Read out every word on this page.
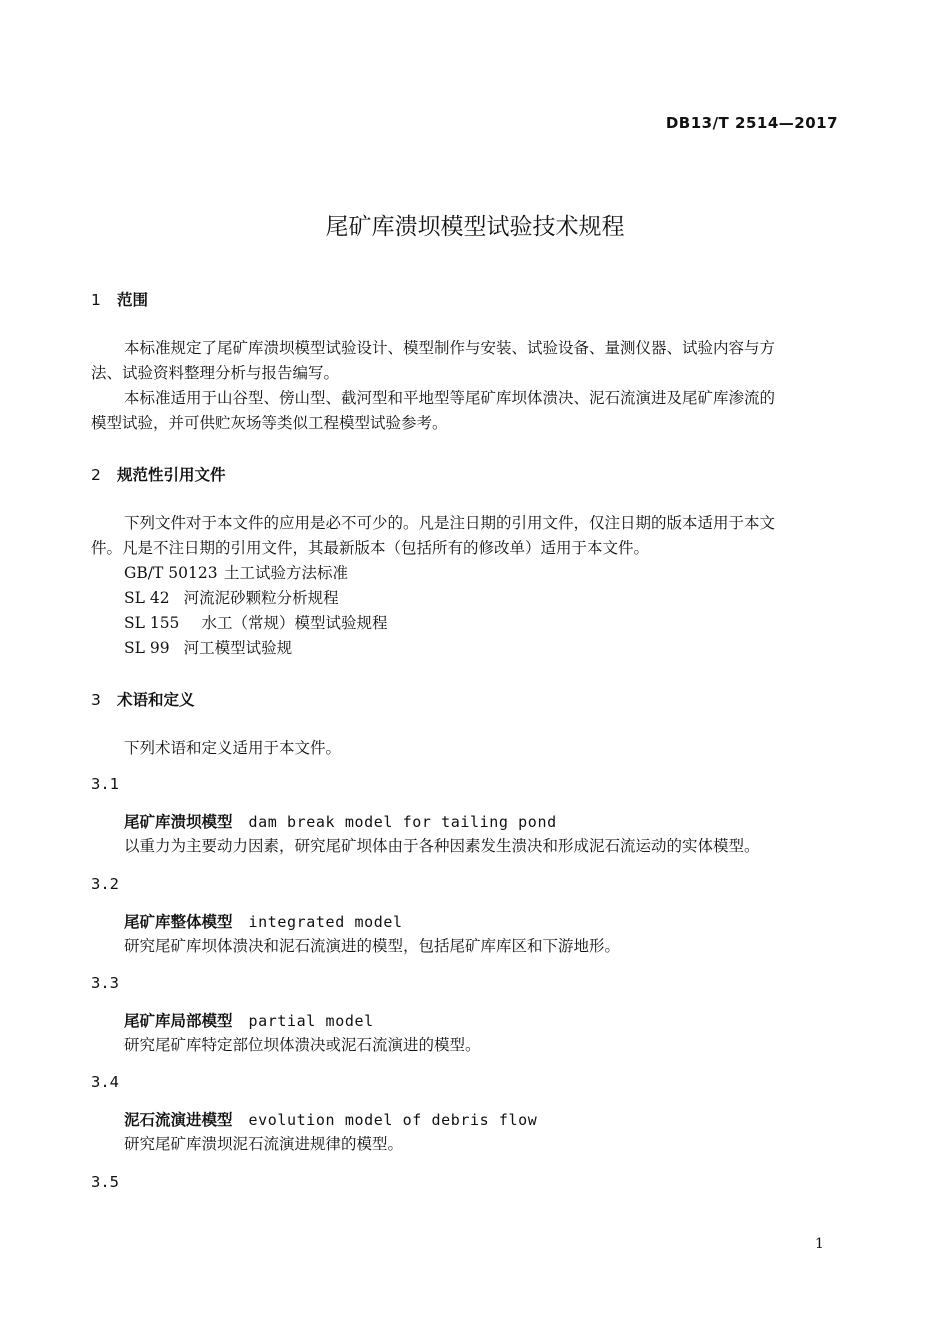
DB13/T 2514—2017
尾矿库溃坝模型试验技术规程
1 范围
本标准规定了尾矿库溃坝模型试验设计、模型制作与安装、试验设备、量测仪器、试验内容与方
法、试验资料整理分析与报告编写。
本标准适用于山谷型、傍山型、截河型和平地型等尾矿库坝体溃决、泥石流演进及尾矿库渗流的
模型试验，并可供贮灰场等类似工程模型试验参考。
2 规范性引用文件
下列文件对于本文件的应用是必不可少的。凡是注日期的引用文件，仅注日期的版本适用于本文
件。凡是不注日期的引用文件，其最新版本（包括所有的修改单）适用于本文件。
GB/T 50123 土工试验方法标准
SL 42 河流泥砂颗粒分析规程
SL 155 水工（常规）模型试验规程
SL 99 河工模型试验规
3 术语和定义
下列术语和定义适用于本文件。
3.1
尾矿库溃坝模型 dam break model for tailing pond
以重力为主要动力因素，研究尾矿坝体由于各种因素发生溃决和形成泥石流运动的实体模型。
3.2
尾矿库整体模型 integrated model
研究尾矿库坝体溃决和泥石流演进的模型，包括尾矿库库区和下游地形。
3.3
尾矿库局部模型 partial model
研究尾矿库特定部位坝体溃决或泥石流演进的模型。
3.4
泥石流演进模型 evolution model of debris flow
研究尾矿库溃坝泥石流演进规律的模型。
3.5
1
